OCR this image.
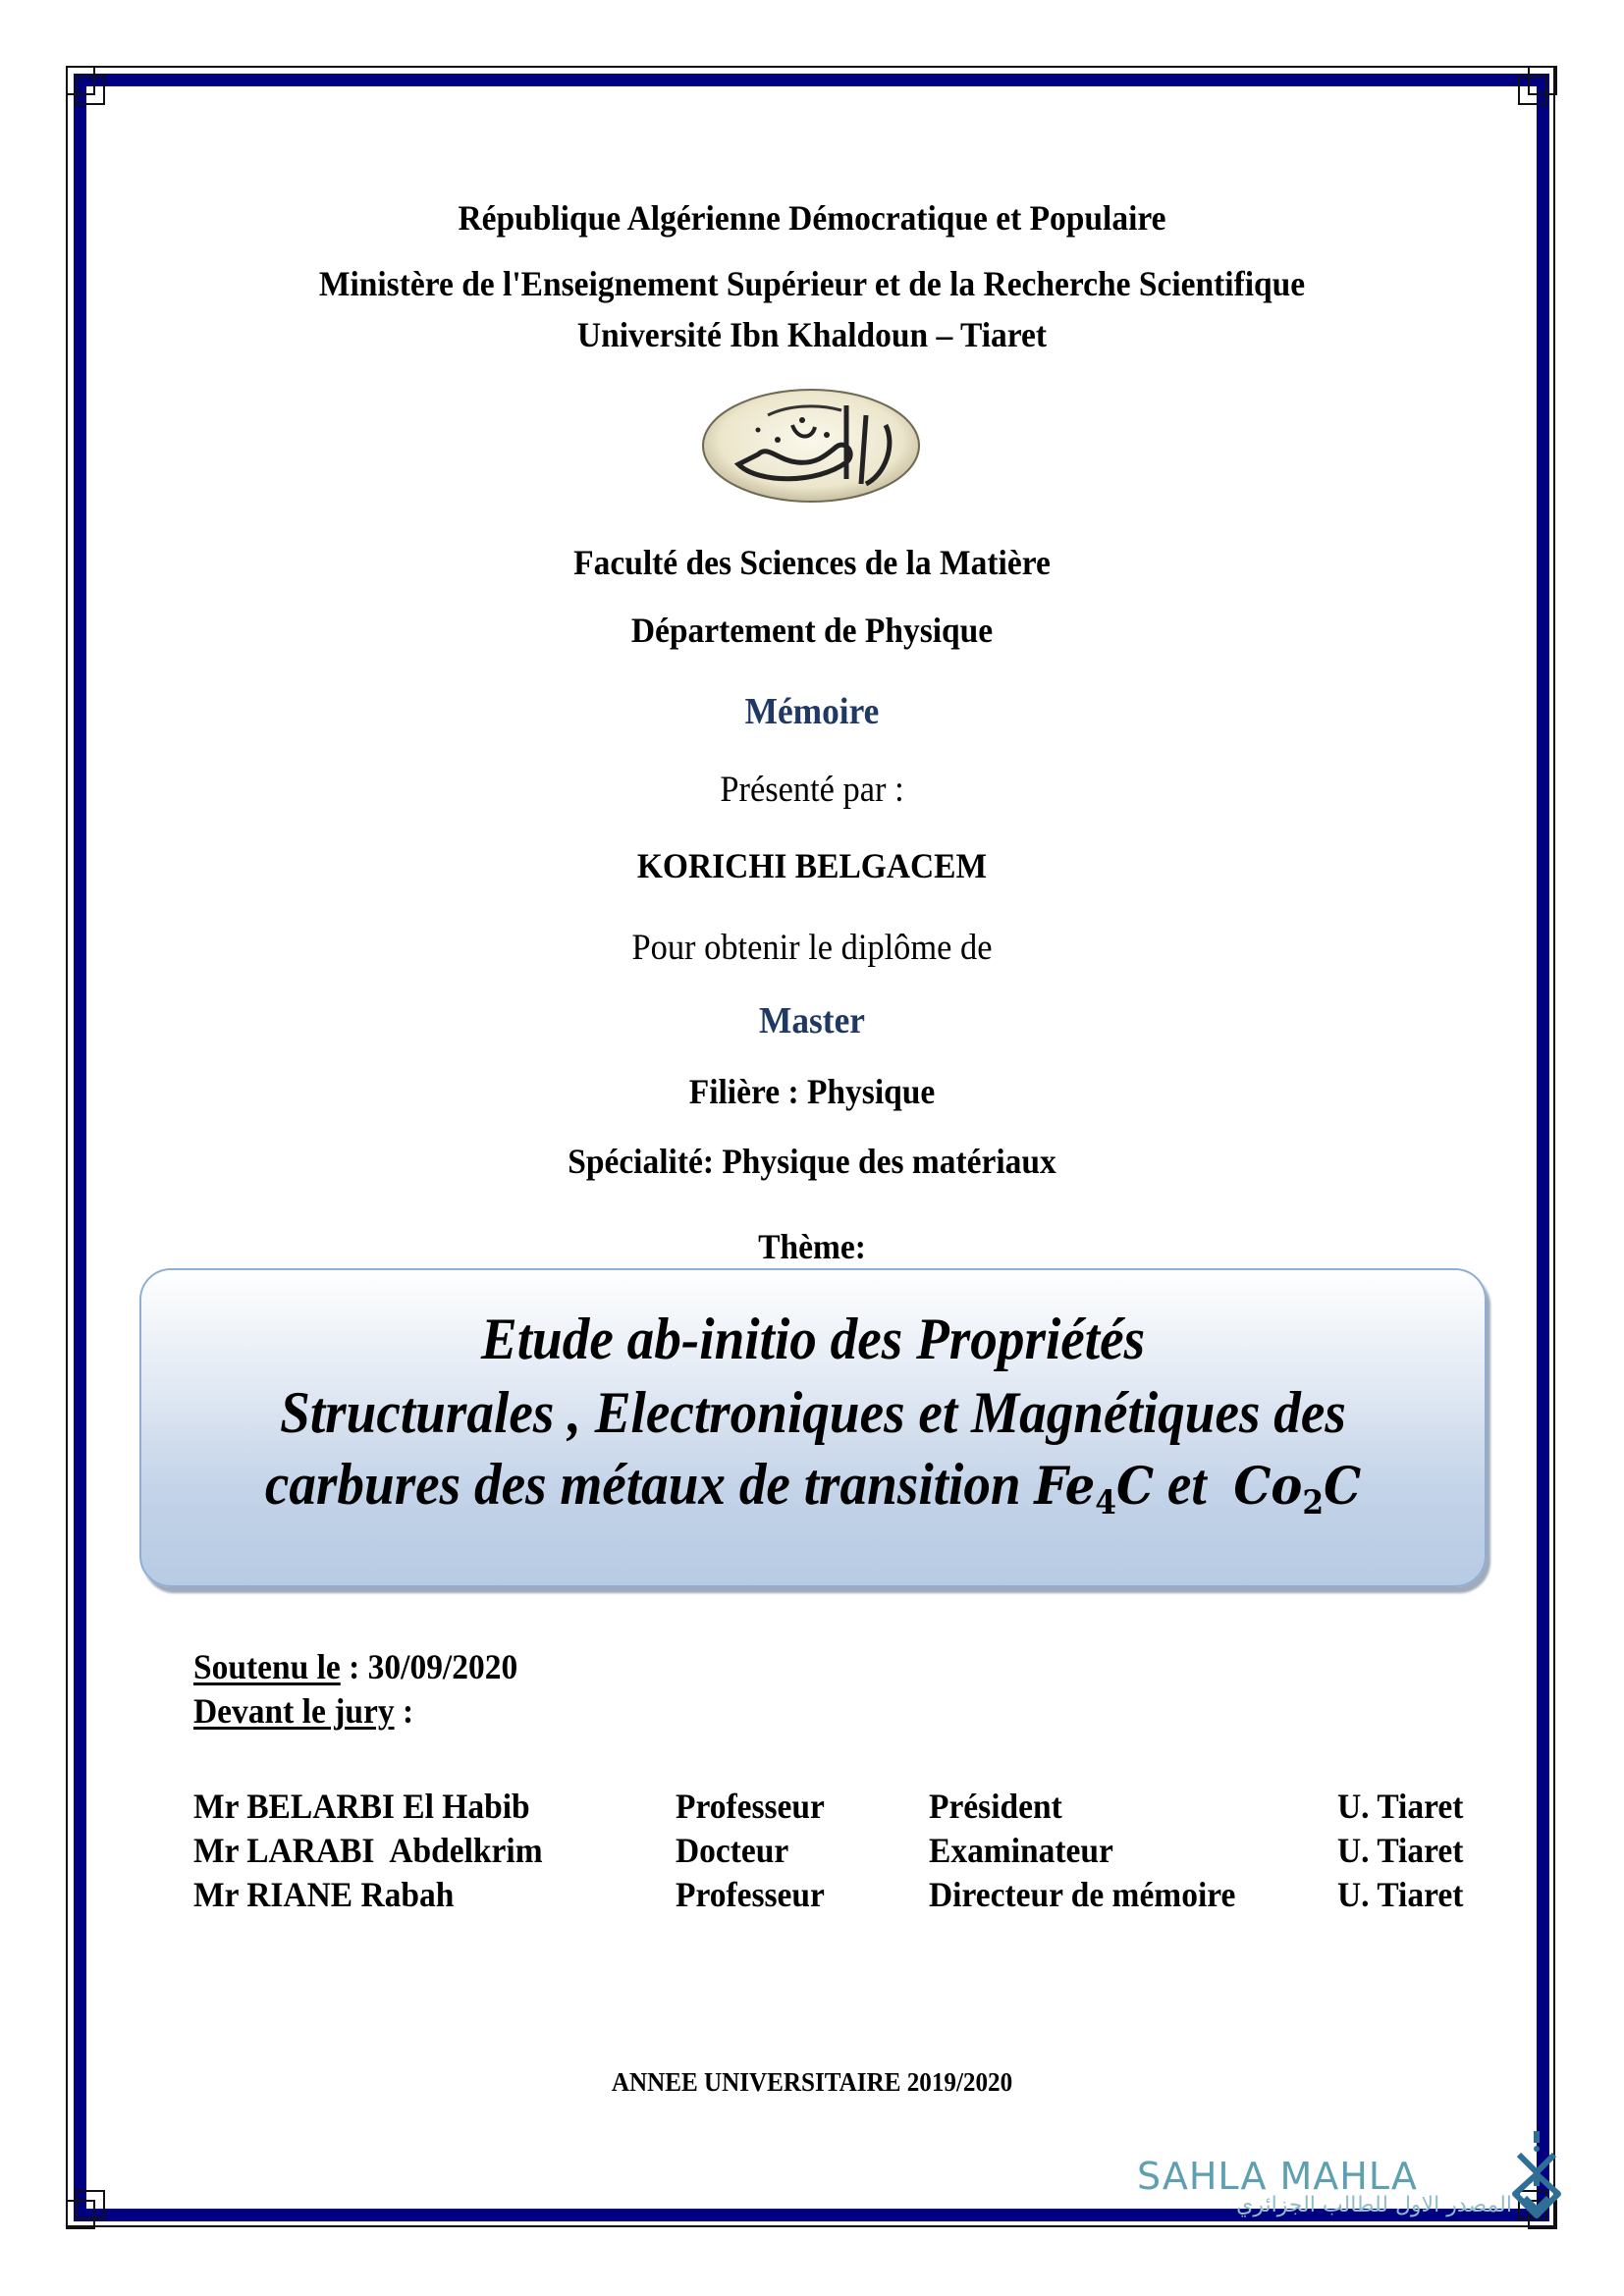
République Algérienne Démocratique et Populaire
Ministère de l'Enseignement Supérieur et de la Recherche Scientifique
Université Ibn Khaldoun – Tiaret
Faculté des Sciences de la Matière
Département de Physique
Mémoire
Présenté par :
KORICHI BELGACEM
Pour obtenir le diplôme de
Master
Filière : Physique
Spécialité: Physique des matériaux
Thème:
Etude ab-initio des Propriétés
Structurales , Electroniques et Magnétiques des
carbures des métaux de transition $Fe_4C$ et  $Co_2C$
Soutenu le : 30/09/2020
Devant le jury :
Mr BELARBI El Habib	Professeur	Président	U. Tiaret
Mr LARABI  Abdelkrim	Docteur	Examinateur	U. Tiaret
Mr RIANE Rabah	Professeur	Directeur de mémoire	U. Tiaret
ANNEE UNIVERSITAIRE 2019/2020
SAHLA MAHLA
المصدر الاول للطالب الجزائري
